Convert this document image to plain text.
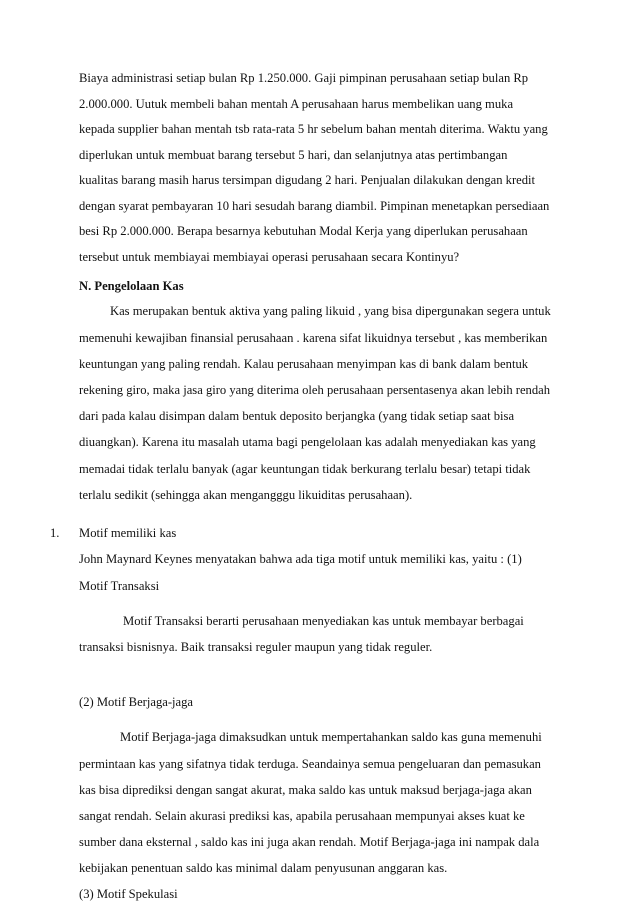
Biaya administrasi setiap bulan Rp 1.250.000. Gaji pimpinan perusahaan setiap bulan Rp
2.000.000. Uutuk membeli bahan mentah A perusahaan harus membelikan uang muka
kepada supplier bahan mentah tsb rata-rata 5 hr sebelum bahan mentah diterima. Waktu yang
diperlukan untuk membuat barang tersebut 5 hari, dan selanjutnya atas pertimbangan
kualitas barang masih harus tersimpan digudang 2 hari. Penjualan dilakukan dengan kredit
dengan syarat pembayaran 10 hari sesudah barang diambil. Pimpinan menetapkan persediaan
besi Rp 2.000.000. Berapa besarnya kebutuhan Modal Kerja yang diperlukan perusahaan
tersebut untuk membiayai membiayai operasi perusahaan secara Kontinyu?
N. Pengelolaan Kas
Kas merupakan bentuk aktiva yang paling likuid , yang bisa dipergunakan segera untuk
memenuhi kewajiban finansial perusahaan . karena sifat likuidnya tersebut , kas memberikan
keuntungan yang paling rendah. Kalau perusahaan menyimpan kas di bank dalam bentuk
rekening giro, maka jasa giro yang diterima oleh perusahaan persentasenya akan lebih rendah
dari pada kalau disimpan dalam bentuk deposito berjangka (yang tidak setiap saat bisa
diuangkan). Karena itu masalah utama bagi pengelolaan kas adalah menyediakan kas yang
memadai tidak terlalu banyak (agar keuntungan tidak berkurang terlalu besar) tetapi tidak
terlalu sedikit (sehingga akan mengangggu likuiditas perusahaan).
1. Motif memiliki kas
John Maynard Keynes menyatakan bahwa ada tiga motif untuk memiliki kas, yaitu : (1)
Motif Transaksi
Motif Transaksi berarti perusahaan menyediakan kas untuk membayar berbagai
transaksi bisnisnya. Baik transaksi reguler maupun yang tidak reguler.
(2) Motif Berjaga-jaga
Motif Berjaga-jaga dimaksudkan untuk mempertahankan saldo kas guna memenuhi
permintaan kas yang sifatnya tidak terduga. Seandainya semua pengeluaran dan pemasukan
kas bisa diprediksi dengan sangat akurat, maka saldo kas untuk maksud berjaga-jaga akan
sangat rendah. Selain akurasi prediksi kas, apabila perusahaan mempunyai akses kuat ke
sumber dana eksternal , saldo kas ini juga akan rendah. Motif Berjaga-jaga ini nampak dala
kebijakan penentuan saldo kas minimal dalam penyusunan anggaran kas.
(3) Motif Spekulasi
